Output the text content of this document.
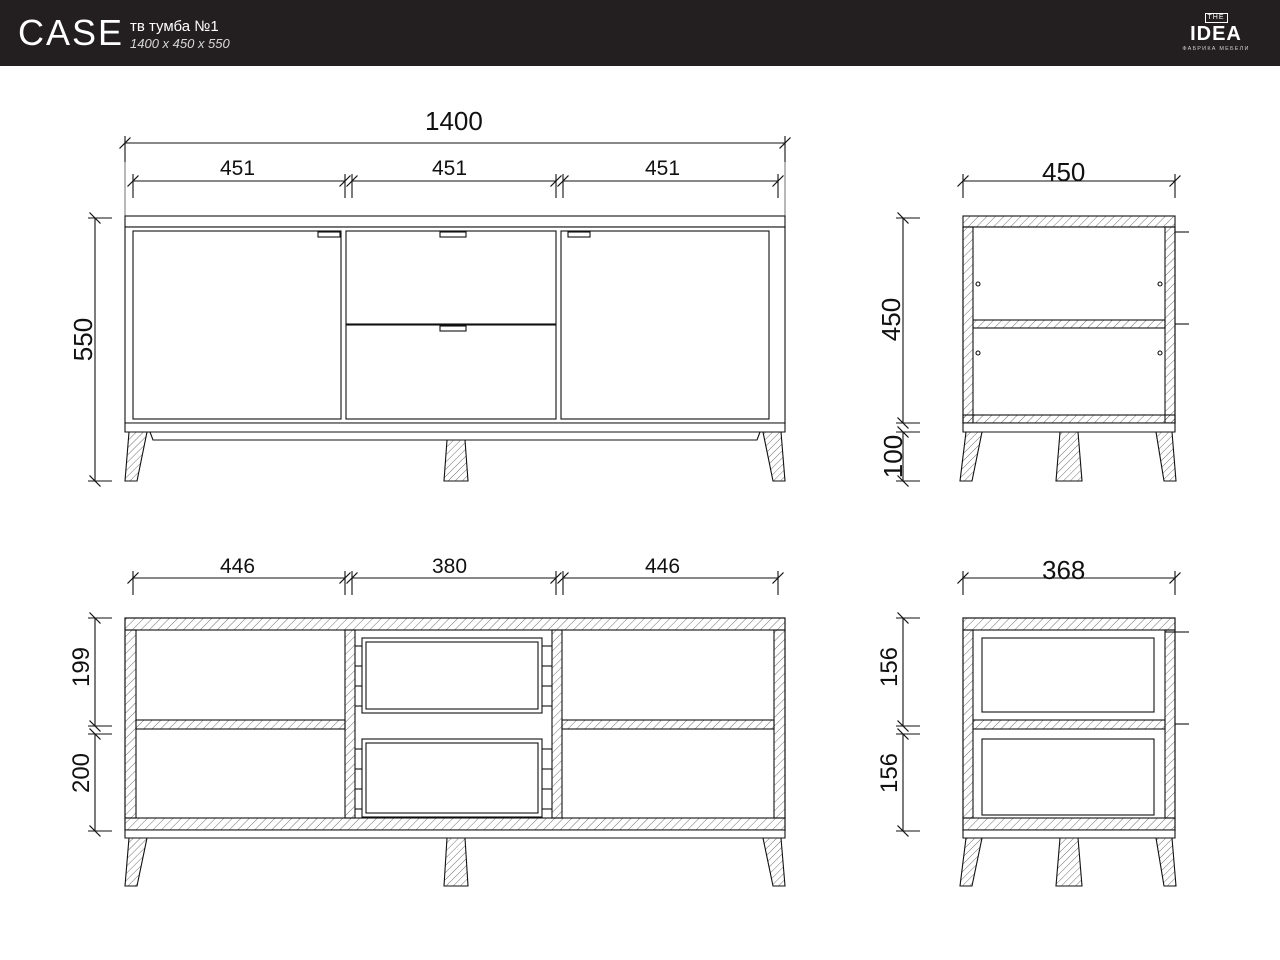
CASE тв тумба №1
1400 x 450 x 550
THE
IDEA
ФАБРИКА МЕБЕЛИ
1400
451	451	451
550
450
450
100
446	380	446
199
200
368
156
156
